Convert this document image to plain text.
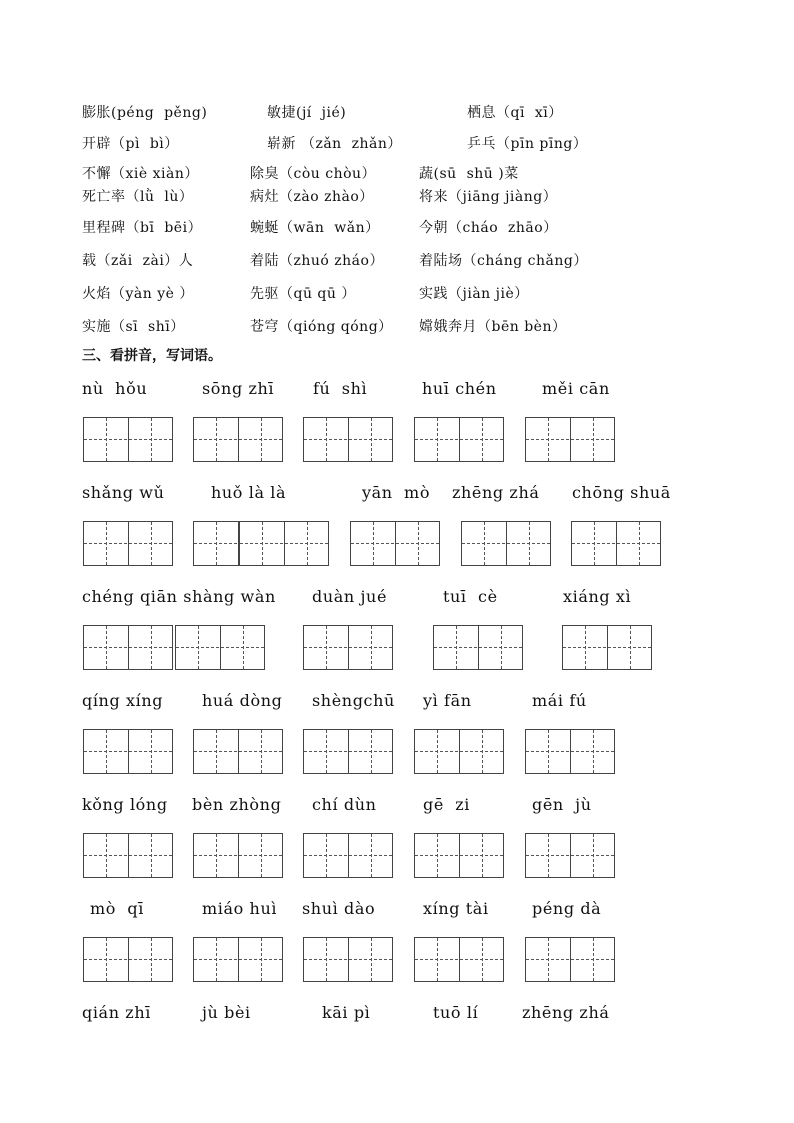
膨胀(péng  pěng)	敏捷(jí  jié)	栖息（qī  xī）
开辟（pì  bì）	崭新 （zǎn  zhǎn）	乒乓（pīn pīng）
不懈（xiè xiàn）	除臭（còu chòu）	蔬(sū  shū )菜
死亡率（lǜ  lù）	病灶（zào zhào）	将来（jiāng jiàng）
里程碑（bī  bēi）	蜿蜒（wān  wǎn）	今朝（cháo  zhāo）
载（zǎi  zài）人	着陆（zhuó zháo）	着陆场（cháng chǎng）
火焰（yàn yè ）	先驱（qū qū ）	实践（jiàn jiè）
实施（sī  shī）	苍穹（qióng qóng） 嫦娥奔月（bēn bèn）
三、看拼音，写词语。
nù  hǒu	sōng zhī fú  shì	huī chén	měi cān
shǎng wǔ	huǒ là là	yān  mò zhēng zhá chōng shuā
chéng qiān shàng wàn duàn jué	tuī  cè	xiáng xì
qíng xíng huá dòng shèngchū yì fān	mái fú
kǒng lóng bèn zhòng chí dùn	gē  zi	gēn  jù
mò  qī	miáo huì shuì dào	xíng tài	péng dà
qián zhī	jù bèi	kāi pì	tuō lí	zhēng zhá
